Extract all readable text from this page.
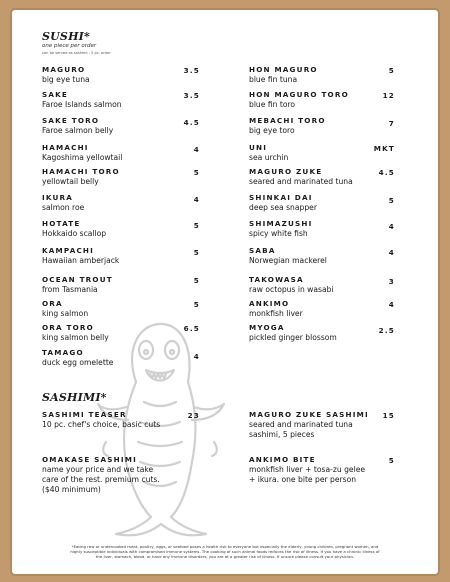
SUSHI*
one piece per order
can be served as sashimi - 5 pc. order
MAGURO
big eye tuna
3.5
SAKE
Faroe Islands salmon
3.5
SAKE TORO
Faroe salmon belly
4.5
HAMACHI
Kagoshima yellowtail
4
HAMACHI TORO
yellowtail belly
5
IKURA
salmon roe
4
HOTATE
Hokkaido scallop
5
KAMPACHI
Hawaiian amberjack
5
OCEAN TROUT
from Tasmania
5
ORA
king salmon
5
ORA TORO
king salmon belly
6.5
TAMAGO
duck egg omelette
4
HON MAGURO
blue fin tuna
5
HON MAGURO TORO
blue fin toro
12
MEBACHI TORO
big eye toro
7
UNI
sea urchin
MKT
MAGURO ZUKE
seared and marinated tuna
4.5
SHINKAI DAI
deep sea snapper
5
SHIMAZUSHI
spicy white fish
4
SABA
Norwegian mackerel
4
TAKOWASA
raw octopus in wasabi
3
ANKIMO
monkfish liver
4
MYOGA
pickled ginger blossom
2.5
SASHIMI*
SASHIMI TEASER
10 pc. chef's choice, basic cuts
23
OMAKASE SASHIMI
name your price and we take
care of the rest. premium cuts.
($40 minimum)
MAGURO ZUKE SASHIMI
seared and marinated tuna
sashimi, 5 pieces
15
ANKIMO BITE
monkfish liver + tosa-zu gelee
+ ikura. one bite per person
5
*Eating raw or undercooked meat, poultry, eggs, or seafood poses a health risk to everyone but especially the elderly, young children, pregnant women, and
highly susceptible individuals with compromised immune systems. The cooking of such animal foods reduces the risk of illness. If you have a chronic illness of
the liver, stomach, blood, or have any immune disorders, you are at a greater risk of illness. If unsure please consult your physician.
